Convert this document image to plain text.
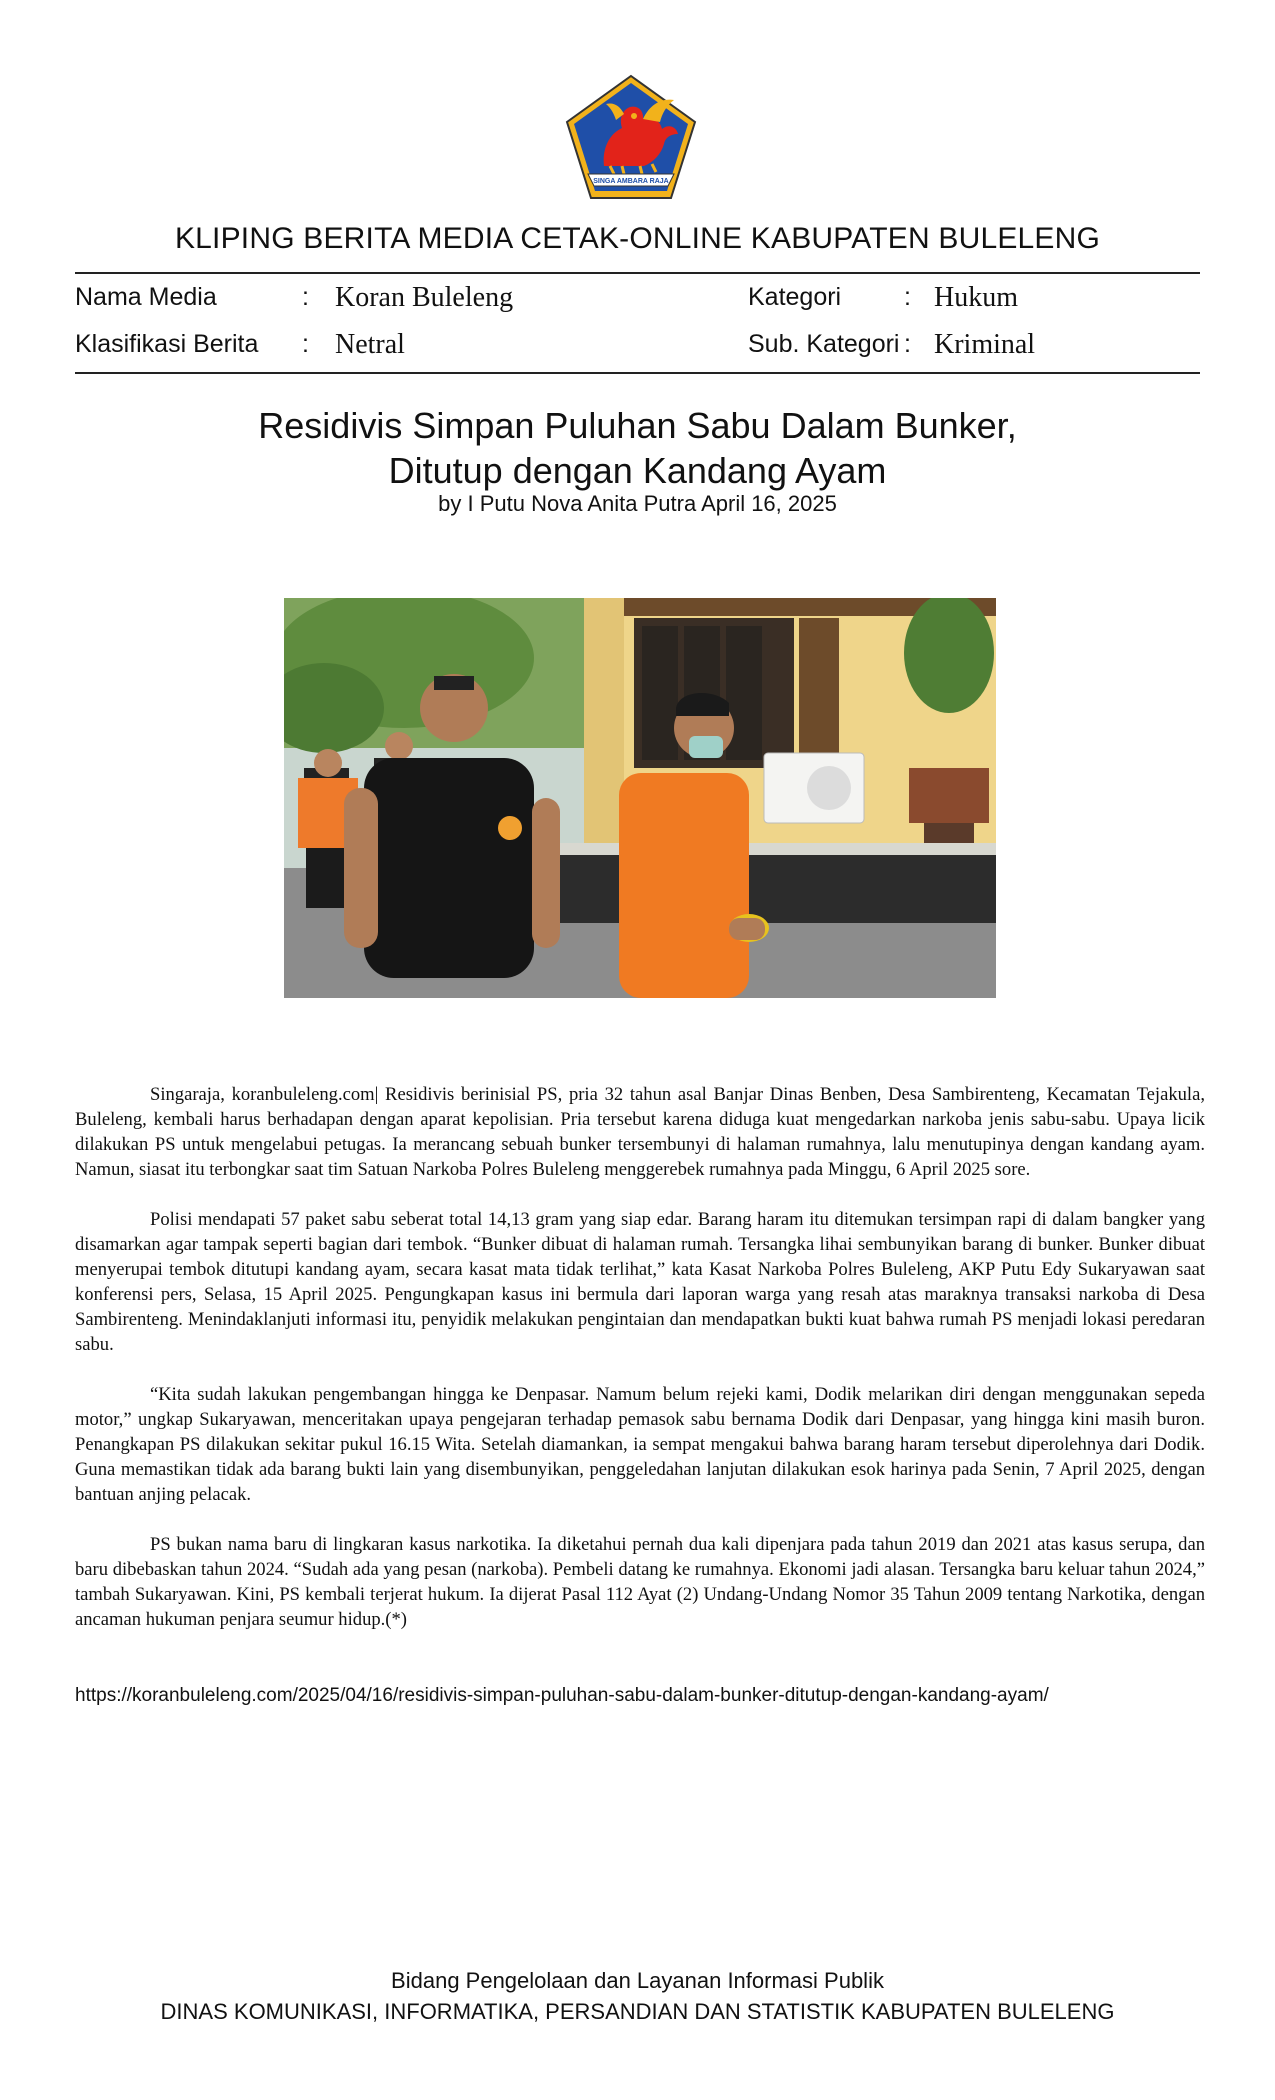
SINGA AMBARA RAJA
KLIPING BERITA MEDIA CETAK-ONLINE KABUPATEN BULELENG
Nama Media	: Koran Buleleng
Klasifikasi Berita : Netral
Kategori	: Hukum
Sub. Kategori : Kriminal
Residivis Simpan Puluhan Sabu Dalam Bunker,
Ditutup dengan Kandang Ayam
by I Putu Nova Anita Putra April 16, 2025

Singaraja, koranbuleleng.com| Residivis berinisial PS, pria 32 tahun asal Banjar Dinas Benben, Desa Sambirenteng, Kecamatan Tejakula, Buleleng, kembali harus berhadapan dengan aparat kepolisian. Pria tersebut karena diduga kuat mengedarkan narkoba jenis sabu-sabu. Upaya licik dilakukan PS untuk mengelabui petugas. Ia merancang sebuah bunker tersembunyi di halaman rumahnya, lalu menutupinya dengan kandang ayam. Namun, siasat itu terbongkar saat tim Satuan Narkoba Polres Buleleng menggerebek rumahnya pada Minggu, 6 April 2025 sore.

Polisi mendapati 57 paket sabu seberat total 14,13 gram yang siap edar. Barang haram itu ditemukan tersimpan rapi di dalam bangker yang disamarkan agar tampak seperti bagian dari tembok. “Bunker dibuat di halaman rumah. Tersangka lihai sembunyikan barang di bunker. Bunker dibuat menyerupai tembok ditutupi kandang ayam, secara kasat mata tidak terlihat,” kata Kasat Narkoba Polres Buleleng, AKP Putu Edy Sukaryawan saat konferensi pers, Selasa, 15 April 2025. Pengungkapan kasus ini bermula dari laporan warga yang resah atas maraknya transaksi narkoba di Desa Sambirenteng. Menindaklanjuti informasi itu, penyidik melakukan pengintaian dan mendapatkan bukti kuat bahwa rumah PS menjadi lokasi peredaran sabu.

“Kita sudah lakukan pengembangan hingga ke Denpasar. Namum belum rejeki kami, Dodik melarikan diri dengan menggunakan sepeda motor,” ungkap Sukaryawan, menceritakan upaya pengejaran terhadap pemasok sabu bernama Dodik dari Denpasar, yang hingga kini masih buron. Penangkapan PS dilakukan sekitar pukul 16.15 Wita. Setelah diamankan, ia sempat mengakui bahwa barang haram tersebut diperolehnya dari Dodik. Guna memastikan tidak ada barang bukti lain yang disembunyikan, penggeledahan lanjutan dilakukan esok harinya pada Senin, 7 April 2025, dengan bantuan anjing pelacak.

PS bukan nama baru di lingkaran kasus narkotika. Ia diketahui pernah dua kali dipenjara pada tahun 2019 dan 2021 atas kasus serupa, dan baru dibebaskan tahun 2024. “Sudah ada yang pesan (narkoba). Pembeli datang ke rumahnya. Ekonomi jadi alasan. Tersangka baru keluar tahun 2024,” tambah Sukaryawan. Kini, PS kembali terjerat hukum. Ia dijerat Pasal 112 Ayat (2) Undang-Undang Nomor 35 Tahun 2009 tentang Narkotika, dengan ancaman hukuman penjara seumur hidup.(*)

https://koranbuleleng.com/2025/04/16/residivis-simpan-puluhan-sabu-dalam-bunker-ditutup-dengan-kandang-ayam/
Bidang Pengelolaan dan Layanan Informasi Publik
DINAS KOMUNIKASI, INFORMATIKA, PERSANDIAN DAN STATISTIK KABUPATEN BULELENG
